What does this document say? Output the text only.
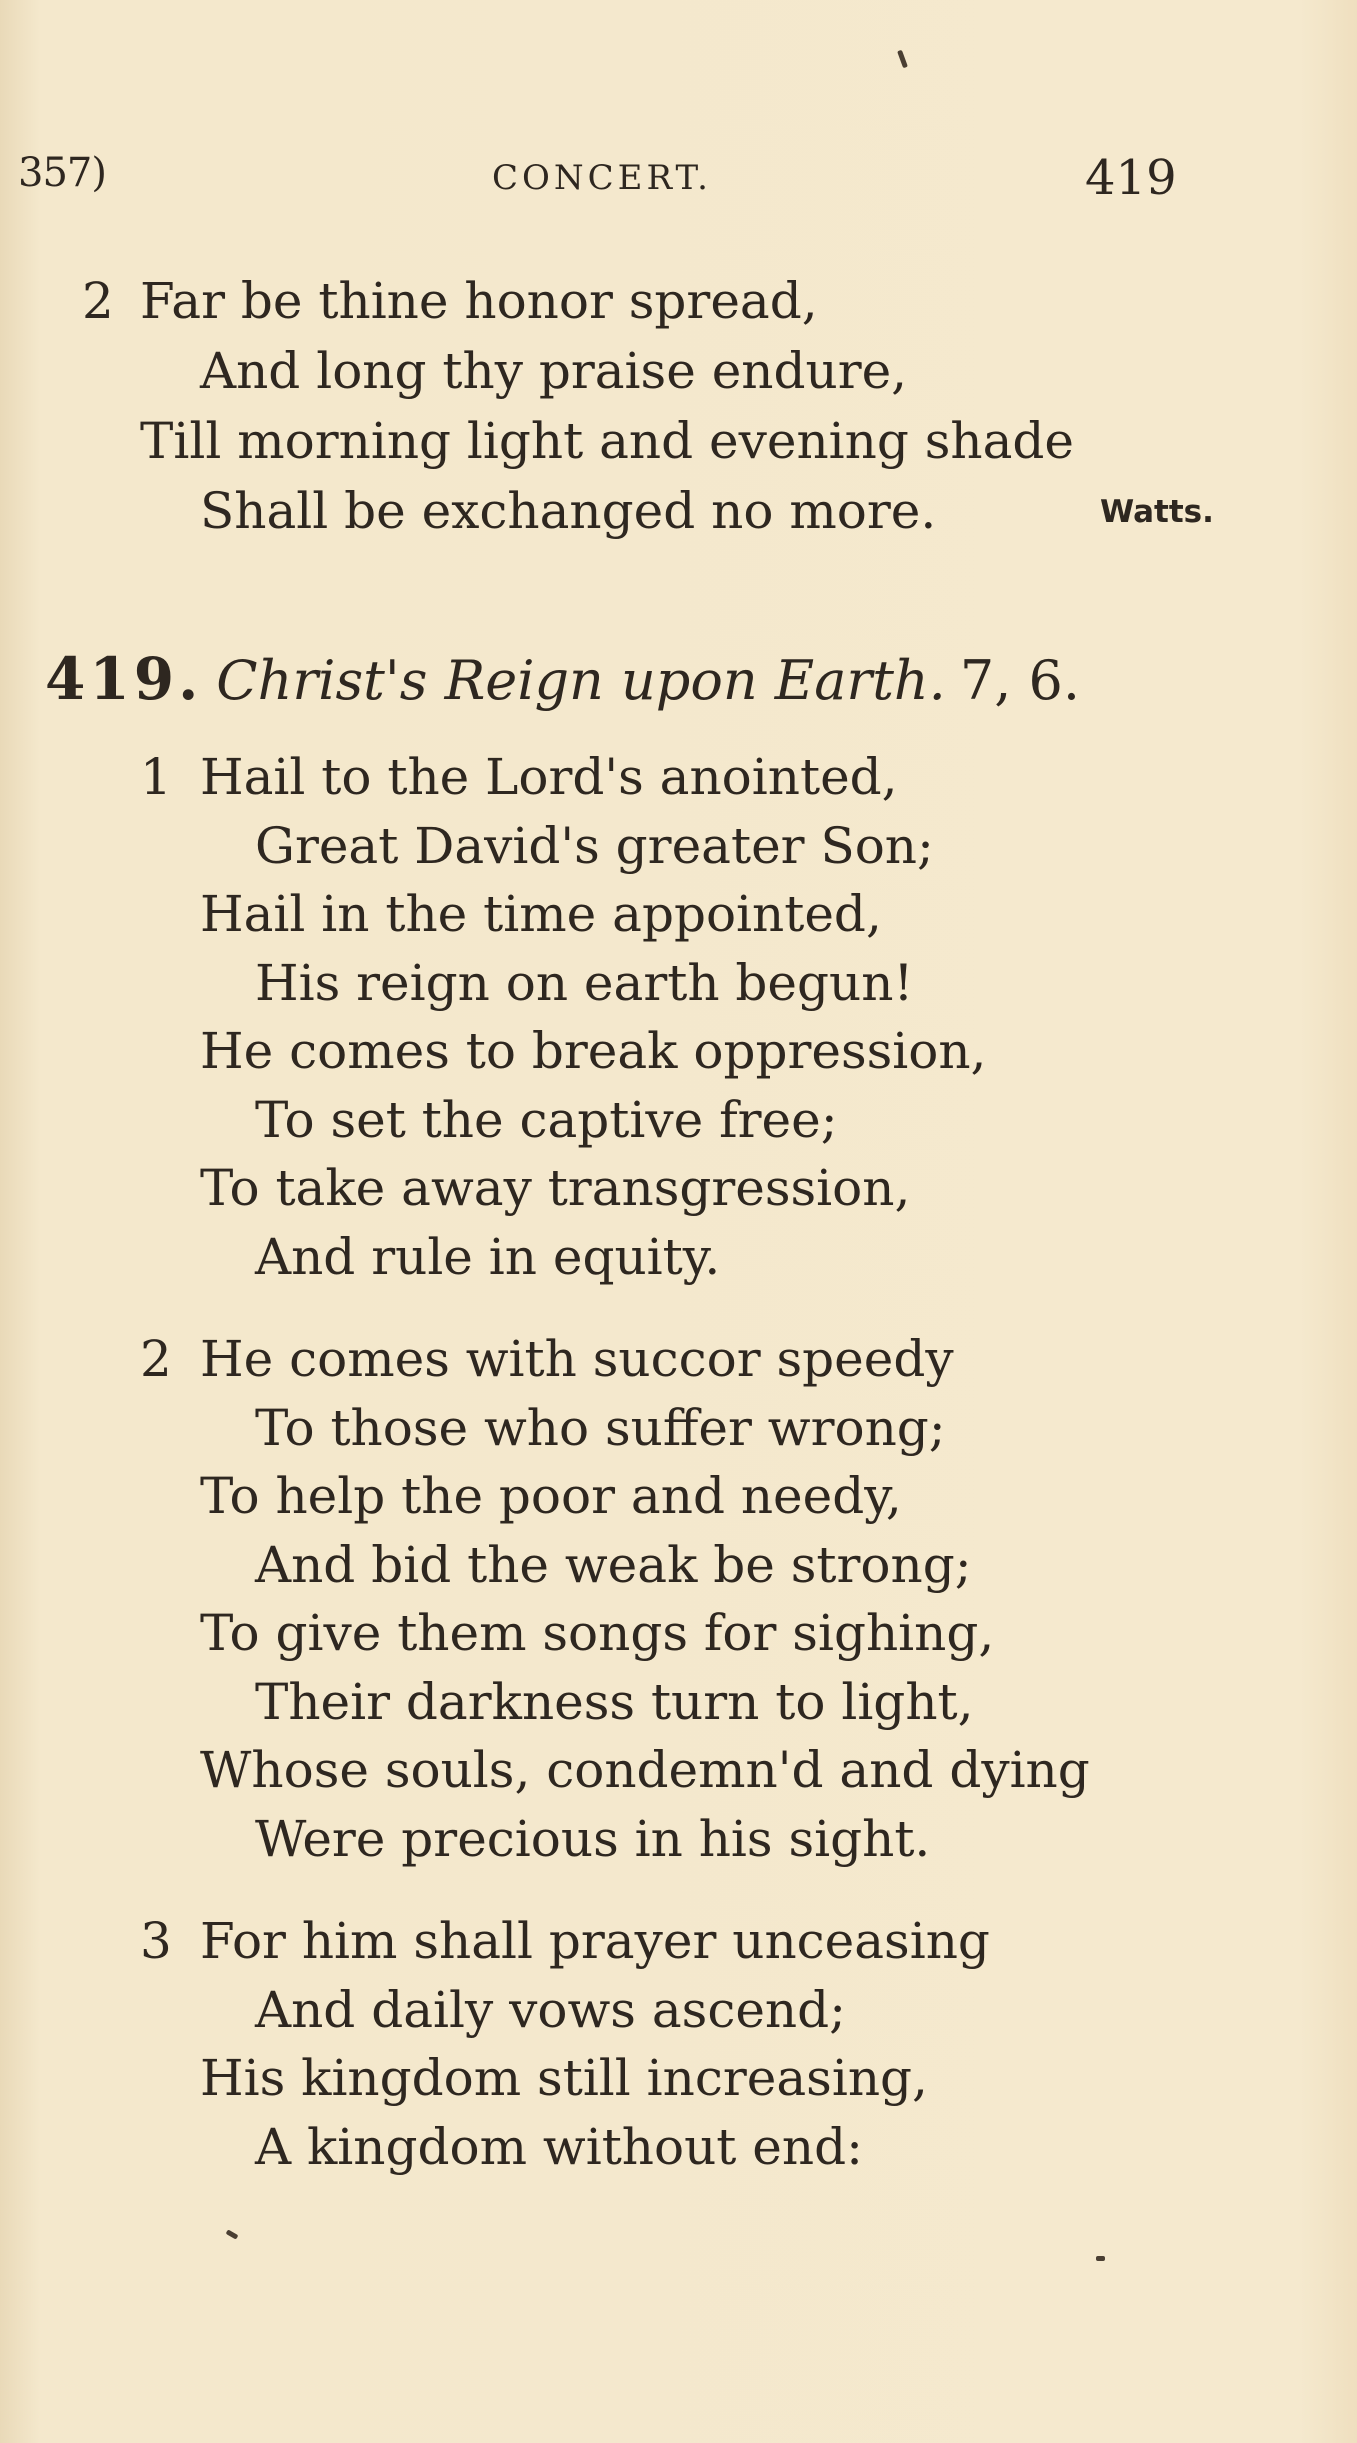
357)	CONCERT.	419
2 Far be thine honor spread,
And long thy praise endure,
Till morning light and evening shade
Shall be exchanged no more.	Watts.
419. Christ's Reign upon Earth. 7, 6.
1 Hail to the Lord's anointed,
Great David's greater Son;
Hail in the time appointed,
His reign on earth begun!
He comes to break oppression,
To set the captive free;
To take away transgression,
And rule in equity.
2 He comes with succor speedy
To those who suffer wrong;
To help the poor and needy,
And bid the weak be strong;
To give them songs for sighing,
Their darkness turn to light,
Whose souls, condemn'd and dying
Were precious in his sight.
3 For him shall prayer unceasing
And daily vows ascend;
His kingdom still increasing,
A kingdom without end:
